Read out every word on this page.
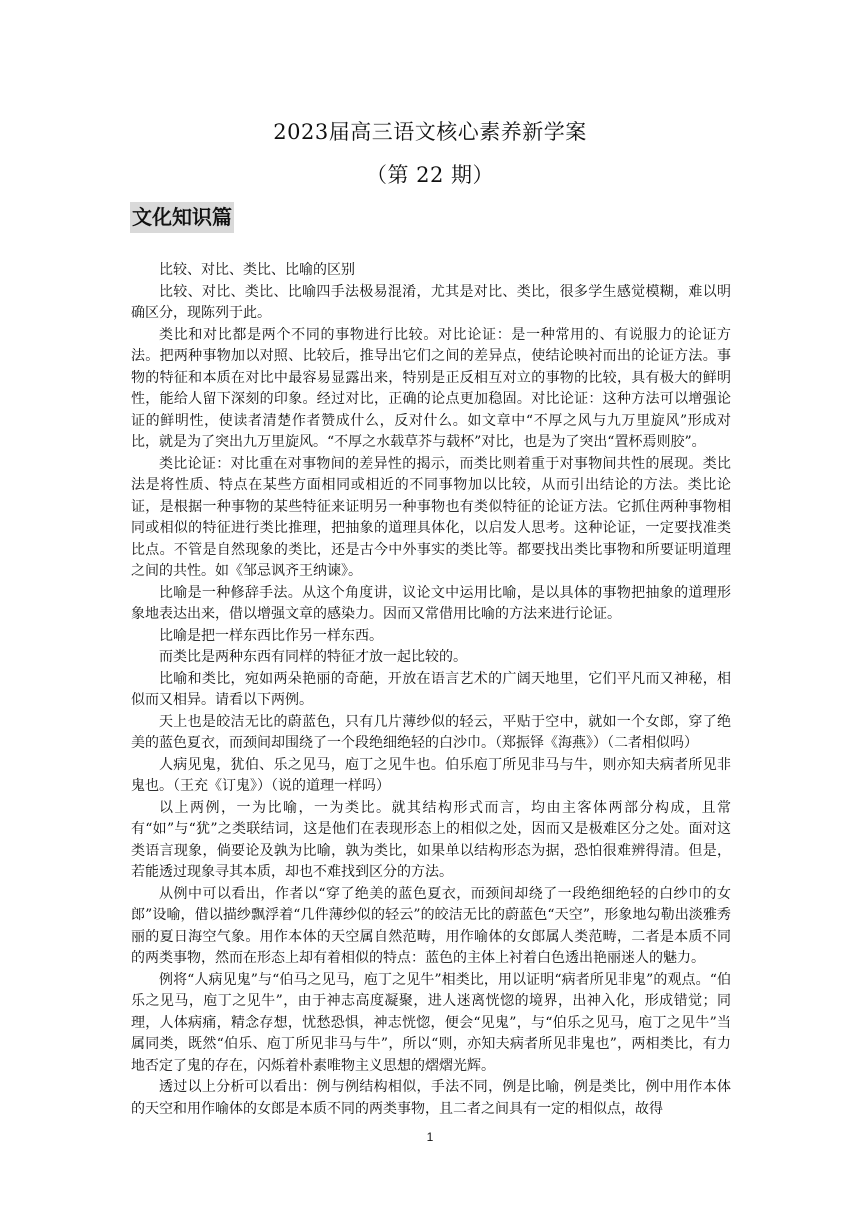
2023届高三语文核心素养新学案
（第 22 期）
文化知识篇

比较、对比、类比、比喻的区别

比较、对比、类比、比喻四手法极易混淆，尤其是对比、类比，很多学生感觉模糊，难以明确区分，现陈列于此。

类比和对比都是两个不同的事物进行比较。对比论证：是一种常用的、有说服力的论证方法。把两种事物加以对照、比较后，推导出它们之间的差异点，使结论映衬而出的论证方法。事物的特征和本质在对比中最容易显露出来，特别是正反相互对立的事物的比较，具有极大的鲜明性，能给人留下深刻的印象。经过对比，正确的论点更加稳固。对比论证：这种方法可以增强论证的鲜明性，使读者清楚作者赞成什么，反对什么。如文章中“不厚之风与九万里旋风”形成对比，就是为了突出九万里旋风。“不厚之水载草芥与载杯”对比，也是为了突出“置杯焉则胶”。

类比论证：对比重在对事物间的差异性的揭示，而类比则着重于对事物间共性的展现。类比法是将性质、特点在某些方面相同或相近的不同事物加以比较，从而引出结论的方法。类比论证，是根据一种事物的某些特征来证明另一种事物也有类似特征的论证方法。它抓住两种事物相同或相似的特征进行类比推理，把抽象的道理具体化，以启发人思考。这种论证，一定要找准类比点。不管是自然现象的类比，还是古今中外事实的类比等。都要找出类比事物和所要证明道理之间的共性。如《邹忌讽齐王纳谏》。

比喻是一种修辞手法。从这个角度讲，议论文中运用比喻，是以具体的事物把抽象的道理形象地表达出来，借以增强文章的感染力。因而又常借用比喻的方法来进行论证。

比喻是把一样东西比作另一样东西。

而类比是两种东西有同样的特征才放一起比较的。

比喻和类比，宛如两朵艳丽的奇葩，开放在语言艺术的广阔天地里，它们平凡而又神秘，相似而又相异。请看以下两例。

天上也是皎洁无比的蔚蓝色，只有几片薄纱似的轻云，平贴于空中，就如一个女郎，穿了绝美的蓝色夏衣，而颈间却围绕了一个段绝细绝轻的白沙巾。（郑振铎《海燕》）（二者相似吗）

人病见鬼，犹伯、乐之见马，庖丁之见牛也。伯乐庖丁所见非马与牛，则亦知夫病者所见非鬼也。（王充《订鬼》）（说的道理一样吗）

以上两例，一为比喻，一为类比。就其结构形式而言，均由主客体两部分构成，且常有“如”与“犹”之类联结词，这是他们在表现形态上的相似之处，因而又是极难区分之处。面对这类语言现象，倘要论及孰为比喻，孰为类比，如果单以结构形态为据，恐怕很难辨得清。但是，若能透过现象寻其本质，却也不难找到区分的方法。

从例中可以看出，作者以“穿了绝美的蓝色夏衣，而颈间却绕了一段绝细绝轻的白纱巾的女郎”设喻，借以描纱飘浮着“几件薄纱似的轻云”的皎洁无比的蔚蓝色“天空”，形象地勾勒出淡雅秀丽的夏日海空气象。用作本体的天空属自然范畴，用作喻体的女郎属人类范畴，二者是本质不同的两类事物，然而在形态上却有着相似的特点：蓝色的主体上衬着白色透出艳丽迷人的魅力。

例将“人病见鬼”与“伯马之见马，庖丁之见牛”相类比，用以证明“病者所见非鬼”的观点。“伯乐之见马，庖丁之见牛”，由于神志高度凝聚，进人迷离恍惚的境界，出神入化，形成错觉；同理，人体病痛，精念存想，忧愁恐惧，神志恍惚，便会“见鬼”，与“伯乐之见马，庖丁之见牛”当属同类，既然“伯乐、庖丁所见非马与牛”，所以“则，亦知夫病者所见非鬼也”，两相类比，有力地否定了鬼的存在，闪烁着朴素唯物主义思想的熠熠光辉。

透过以上分析可以看出：例与例结构相似，手法不同，例是比喻，例是类比，例中用作本体的天空和用作喻体的女郎是本质不同的两类事物，且二者之间具有一定的相似点，故得

1
